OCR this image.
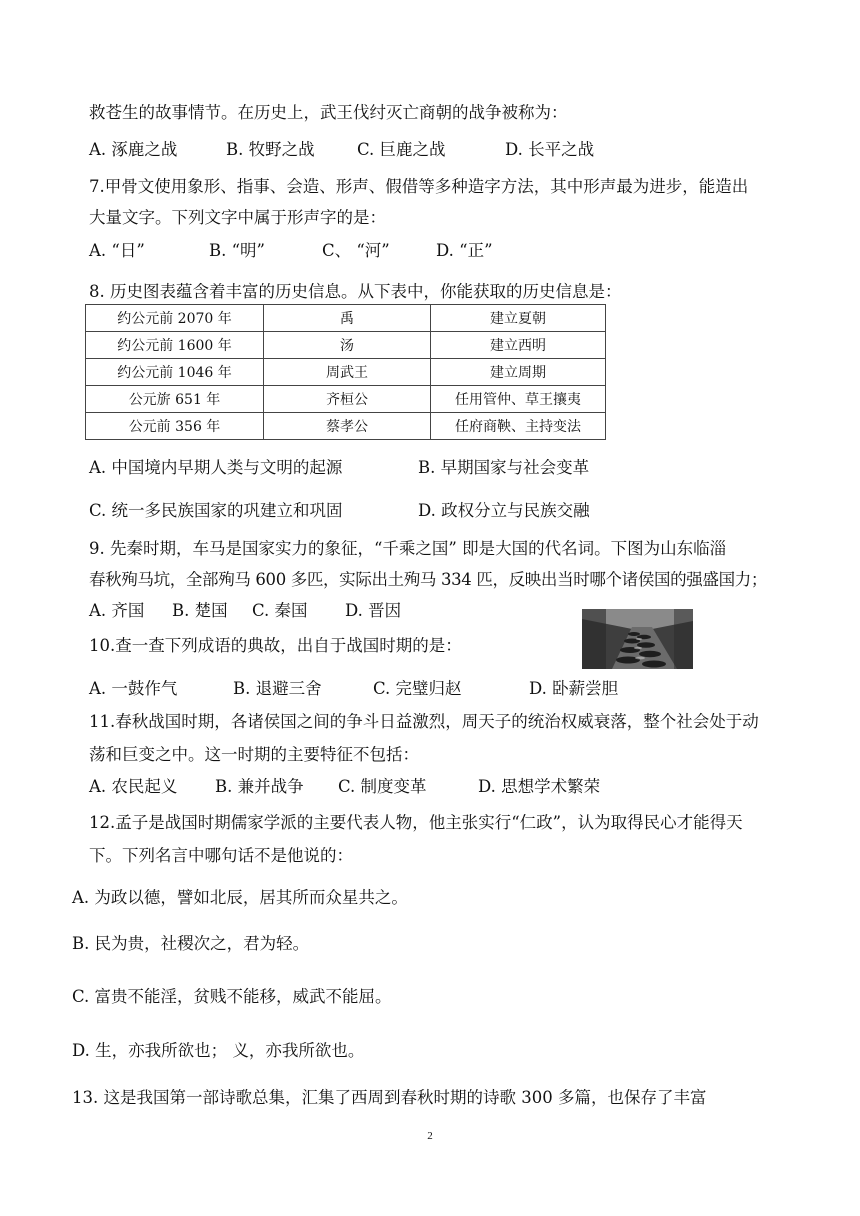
救苍生的故事情节。在历史上，武王伐纣灭亡商朝的战争被称为：
A. 涿鹿之战	B. 牧野之战	C. 巨鹿之战	D. 长平之战
7.甲骨文使用象形、指事、会造、形声、假借等多种造字方法，其中形声最为进步，能造出
大量文字。下列文字中属于形声字的是：
A. “日”	B. “明”	C、 “河”	D. “正”
8. 历史图表蕴含着丰富的历史信息。从下表中，你能获取的历史信息是：
约公元前 2070 年	禹	建立夏朝
约公元前 1600 年	汤	建立西明
约公元前 1046 年	周武王	建立周期
公元旂 651 年	齐桓公	任用管仲、草王攘夷
公元前 356 年	蔡孝公	任府商鞅、主持变法
A. 中国境内早期人类与文明的起源	B. 早期国家与社会变革
C. 统一多民族国家的巩建立和巩固	D. 政权分立与民族交融
9. 先秦时期，车马是国家实力的象征，“千乘之国” 即是大国的代名词。下图为山东临淄
春秋殉马坑，全部殉马 600 多匹，实际出土殉马 334 匹，反映出当时哪个诸侯国的强盛国力；
A. 齐国 B. 楚国 C. 秦国 D. 晋因
10.查一查下列成语的典故，出自于战国时期的是：
A. 一鼓作气	B. 退避三舍	C. 完璧归赵	D. 卧薪尝胆
11.春秋战国时期，各诸侯国之间的争斗日益激烈，周天子的统治权威衰落，整个社会处于动
荡和巨变之中。这一时期的主要特征不包括：
A. 农民起义 B. 兼并战争 C. 制度变革	D. 思想学术繁荣
12.孟子是战国时期儒家学派的主要代表人物，他主张实行“仁政”，认为取得民心才能得天
下。下列名言中哪句话不是他说的：
A. 为政以德，譬如北辰，居其所而众星共之。
B. 民为贵，社稷次之，君为轻。
C. 富贵不能淫，贫贱不能移，威武不能屈。
D. 生，亦我所欲也； 义，亦我所欲也。
13. 这是我国第一部诗歌总集，汇集了西周到春秋时期的诗歌 300 多篇，也保存了丰富
2
